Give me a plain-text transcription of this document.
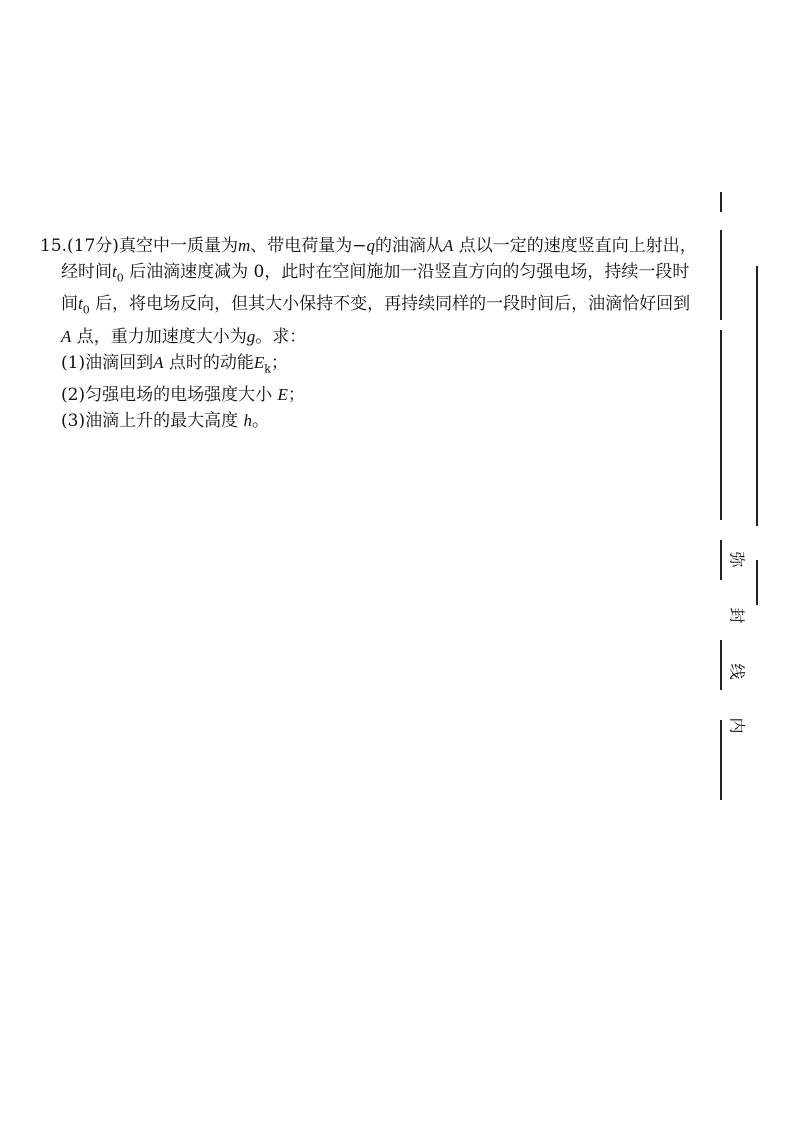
15.(17分)真空中一质量为m、带电荷量为−q的油滴从A 点以一定的速度竖直向上射出，经时间$t_0$ 后油滴速度减为 0，此时在空间施加一沿竖直方向的匀强电场，持续一段时间$t_0$ 后，将电场反向，但其大小保持不变，再持续同样的一段时间后，油滴恰好回到A 点，重力加速度大小为g。求：
(1)油滴回到A 点时的动能$E_k$；
(2)匀强电场的电场强度大小 E；
(3)油滴上升的最大高度 h。
弥
封
线
内
